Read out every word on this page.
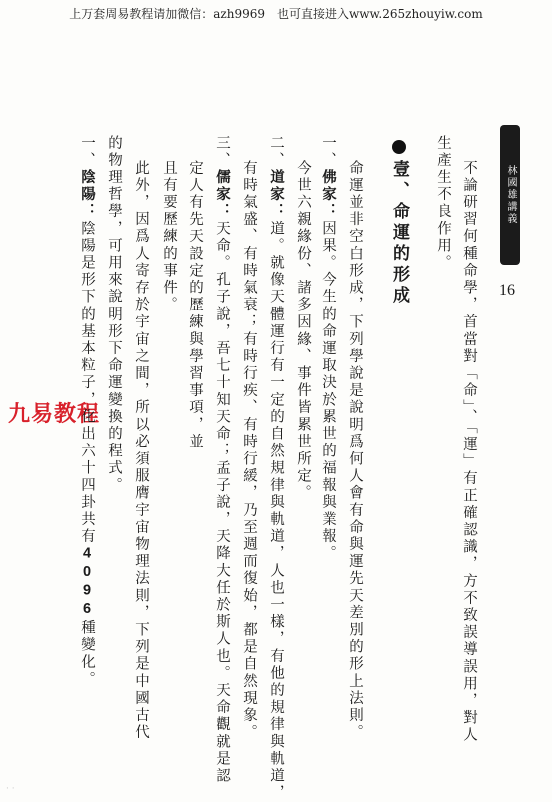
上万套周易教程请加微信：azh9969　也可直接进入www.265zhouyiw.com
林國雄講義
16
九易教程	不論研習何種命學，首當對「命」、「運」有正確認識，方不致誤導誤用，對人
生產生不良作用。
壹、命運的形成
命運並非空白形成，下列學說是說明爲何人會有命與運先天差別的形上法則。
一、佛家：因果。今生的命運取決於累世的福報與業報。
今世六親緣份、諸多因緣、事件皆累世所定。
二、道家：道。就像天體運行有一定的自然規律與軌道，人也一樣，有他的規律與軌道，
有時氣盛、有時氣衰；有時行疾、有時行緩，乃至週而復始，都是自然現象。
三、儒家：天命。孔子說，吾七十知天命；孟子說，天降大任於斯人也。天命觀就是認
定人有先天設定的歷練與學習事項，並
且有要歷練的事件。
此外，因爲人寄存於宇宙之間，所以必須服膺宇宙物理法則，下列是中國古代
的物理哲學，可用來說明形下命運變換的程式。
一、陰陽：陰陽是形下的基本粒子，化出六十四卦共有4096種變化。
· ·
